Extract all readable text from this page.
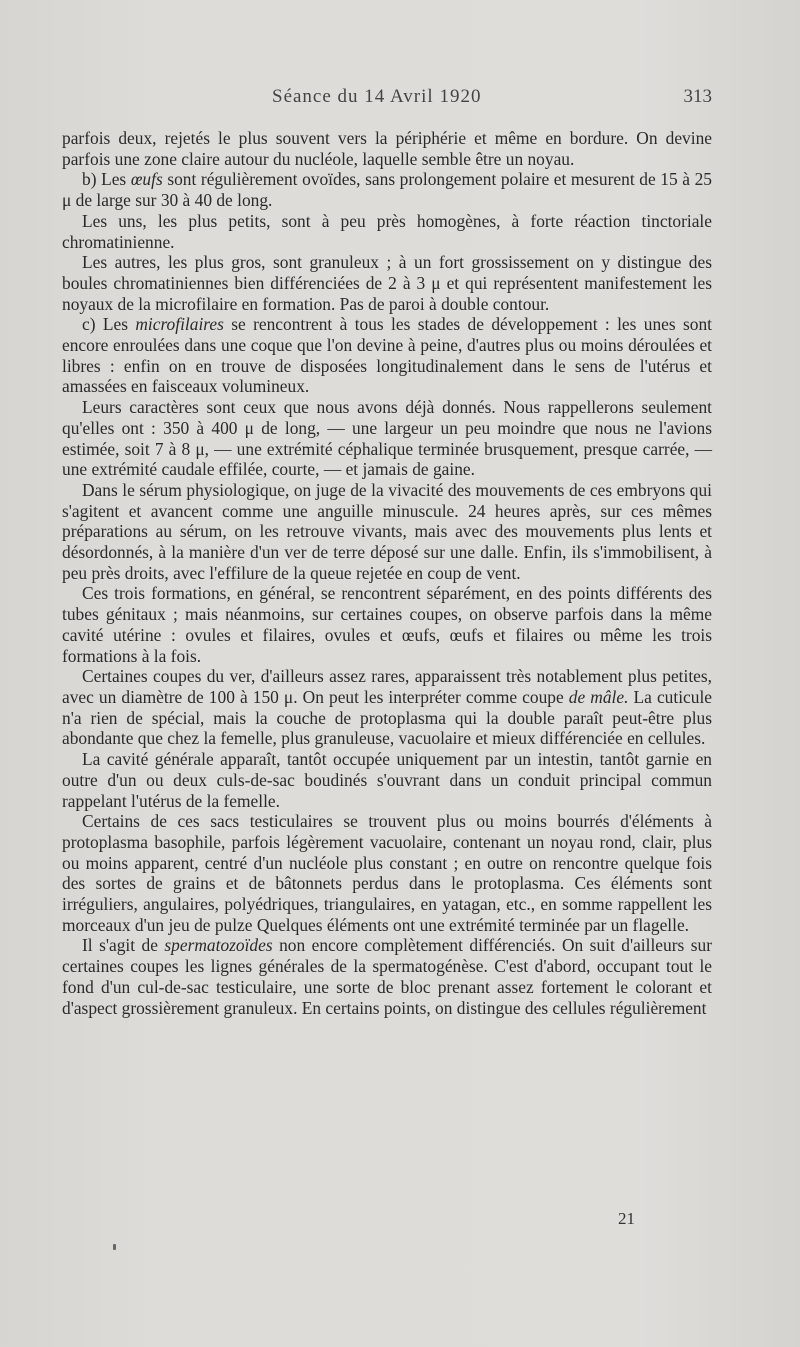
Séance du 14 Avril 1920	313

parfois deux, rejetés le plus souvent vers la périphérie et même en bordure. On devine parfois une zone claire autour du nucléole, laquelle semble être un noyau.

b) Les œufs sont régulièrement ovoïdes, sans prolongement polaire et mesurent de 15 à 25 μ de large sur 30 à 40 de long.

Les uns, les plus petits, sont à peu près homogènes, à forte réaction tinctoriale chromatinienne.

Les autres, les plus gros, sont granuleux ; à un fort grossissement on y distingue des boules chromatiniennes bien différenciées de 2 à 3 μ et qui représentent manifestement les noyaux de la microfilaire en formation. Pas de paroi à double contour.

c) Les microfilaires se rencontrent à tous les stades de développement : les unes sont encore enroulées dans une coque que l'on devine à peine, d'autres plus ou moins déroulées et libres : enfin on en trouve de disposées longitudinalement dans le sens de l'utérus et amassées en faisceaux volumineux.

Leurs caractères sont ceux que nous avons déjà donnés. Nous rappellerons seulement qu'elles ont : 350 à 400 μ de long, — une largeur un peu moindre que nous ne l'avions estimée, soit 7 à 8 μ, — une extrémité céphalique terminée brusquement, presque carrée, — une extrémité caudale effilée, courte, — et jamais de gaine.

Dans le sérum physiologique, on juge de la vivacité des mouvements de ces embryons qui s'agitent et avancent comme une anguille minuscule. 24 heures après, sur ces mêmes préparations au sérum, on les retrouve vivants, mais avec des mouvements plus lents et désordonnés, à la manière d'un ver de terre déposé sur une dalle. Enfin, ils s'immobilisent, à peu près droits, avec l'effilure de la queue rejetée en coup de vent.

Ces trois formations, en général, se rencontrent séparément, en des points différents des tubes génitaux ; mais néanmoins, sur certaines coupes, on observe parfois dans la même cavité utérine : ovules et filaires, ovules et œufs, œufs et filaires ou même les trois formations à la fois.

Certaines coupes du ver, d'ailleurs assez rares, apparaissent très notablement plus petites, avec un diamètre de 100 à 150 μ. On peut les interpréter comme coupe de mâle. La cuticule n'a rien de spécial, mais la couche de protoplasma qui la double paraît peut-être plus abondante que chez la femelle, plus granuleuse, vacuolaire et mieux différenciée en cellules.

La cavité générale apparaît, tantôt occupée uniquement par un intestin, tantôt garnie en outre d'un ou deux culs-de-sac boudinés s'ouvrant dans un conduit principal commun rappelant l'utérus de la femelle.

Certains de ces sacs testiculaires se trouvent plus ou moins bourrés d'éléments à protoplasma basophile, parfois légèrement vacuolaire, contenant un noyau rond, clair, plus ou moins apparent, centré d'un nucléole plus constant ; en outre on rencontre quelque fois des sortes de grains et de bâtonnets perdus dans le protoplasma. Ces éléments sont irréguliers, angulaires, polyédriques, triangulaires, en yatagan, etc., en somme rappellent les morceaux d'un jeu de pulze Quelques éléments ont une extrémité terminée par un flagelle.

Il s'agit de spermatozoïdes non encore complètement différenciés. On suit d'ailleurs sur certaines coupes les lignes générales de la spermatogénèse. C'est d'abord, occupant tout le fond d'un cul-de-sac testiculaire, une sorte de bloc prenant assez fortement le colorant et d'aspect grossièrement granuleux. En certains points, on distingue des cellules régulièrement

21
